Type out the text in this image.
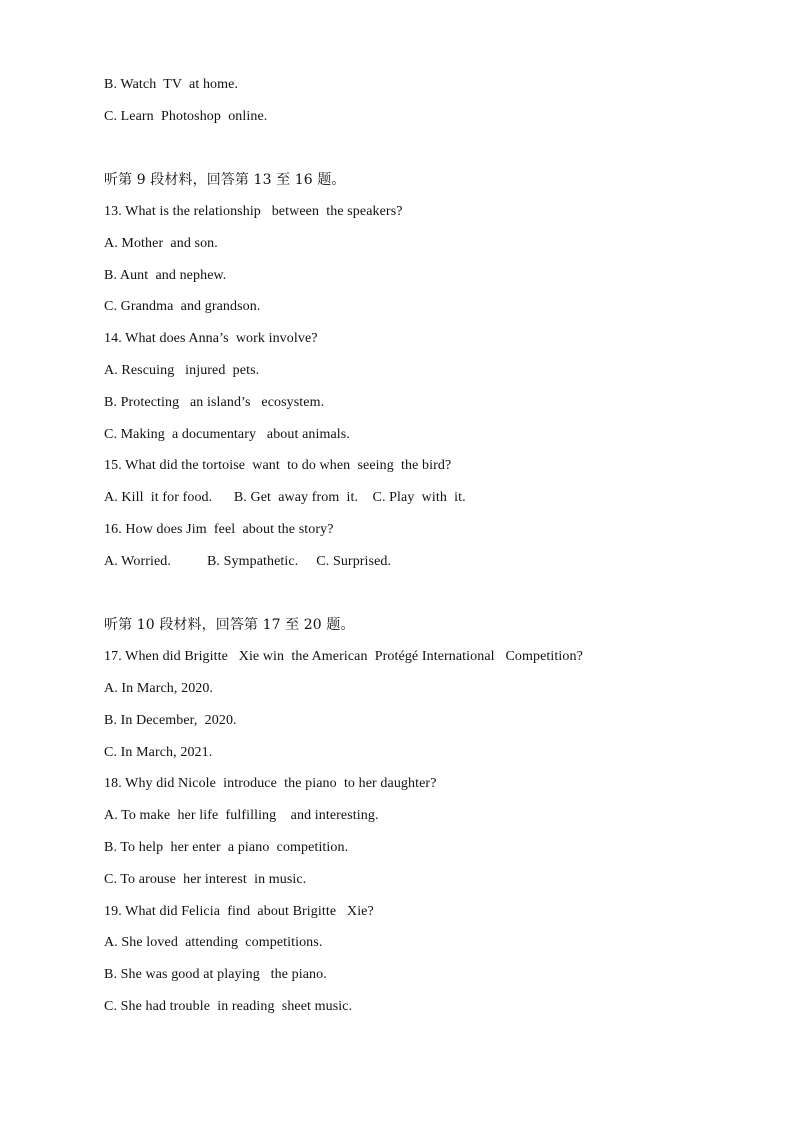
B. Watch  TV  at home.
C. Learn  Photoshop  online.
听第 9 段材料，回答第 13 至 16 题。
13. What is the relationship   between  the speakers?
A. Mother  and son.
B. Aunt  and nephew.
C. Grandma  and grandson.
14. What does Anna’s  work involve?
A. Rescuing   injured  pets.
B. Protecting   an island’s   ecosystem.
C. Making  a documentary   about animals.
15. What did the tortoise  want  to do when  seeing  the bird?
A. Kill  it for food.      B. Get  away from  it.    C. Play  with  it.
16. How does Jim  feel  about the story?
A. Worried.          B. Sympathetic.     C. Surprised.
听第 10 段材料，回答第 17 至 20 题。
17. When did Brigitte   Xie win  the American  Protégé International   Competition?
A. In March, 2020.
B. In December,  2020.
C. In March, 2021.
18. Why did Nicole  introduce  the piano  to her daughter?
A. To make  her life  fulfilling    and interesting.
B. To help  her enter  a piano  competition.
C. To arouse  her interest  in music.
19. What did Felicia  find  about Brigitte   Xie?
A. She loved  attending  competitions.
B. She was good at playing   the piano.
C. She had trouble  in reading  sheet music.
